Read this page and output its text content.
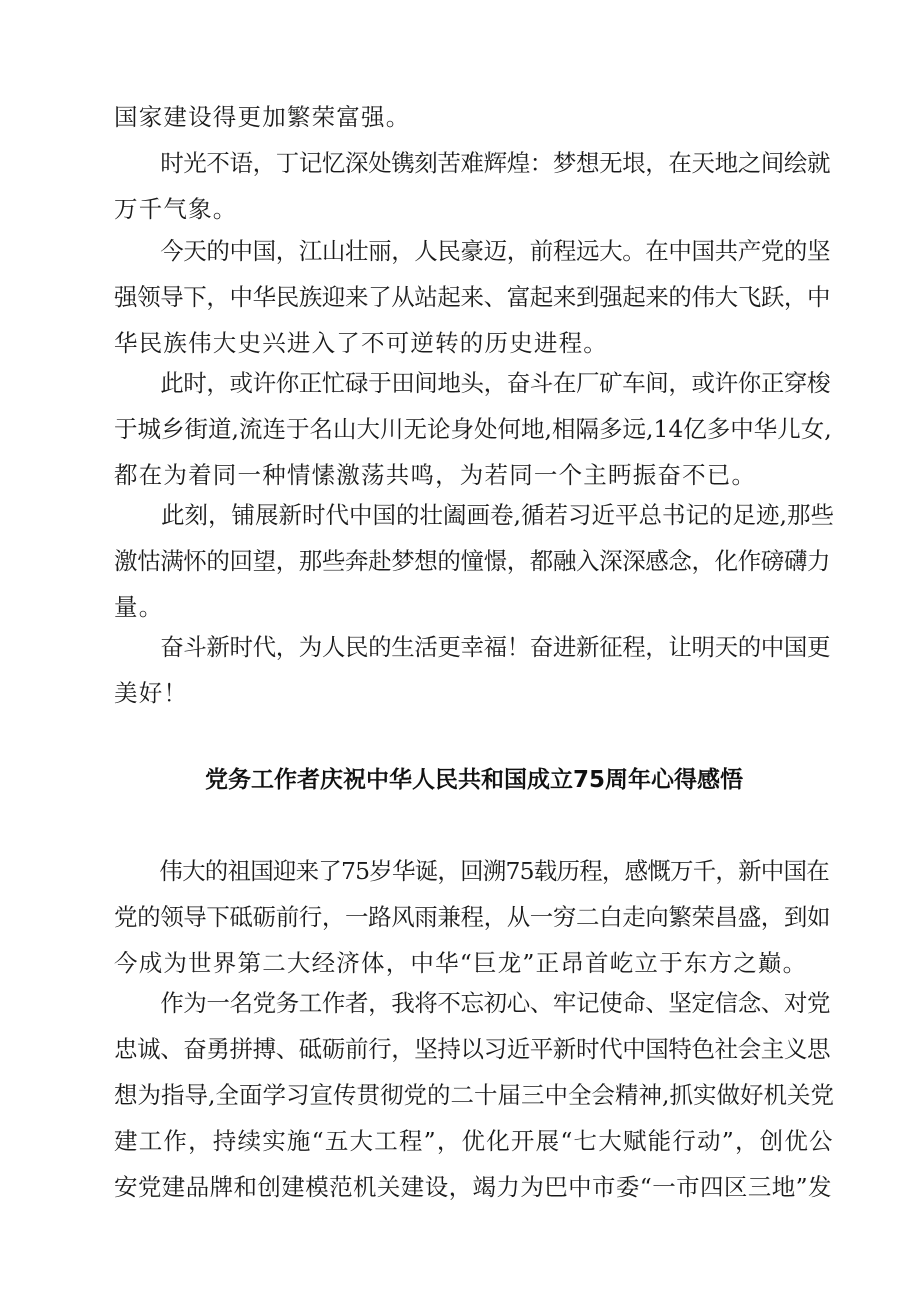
国家建设得更加繁荣富强。

　　时光不语，丁记忆深处镌刻苦难辉煌：梦想无垠，在天地之间绘就
万千气象。

　　今天的中国，江山壮丽，人民豪迈，前程远大。在中国共产党的坚
强领导下，中华民族迎来了从站起来、富起来到强起来的伟大飞跃，中
华民族伟大史兴进入了不可逆转的历史进程。

　　此时，或许你正忙碌于田间地头，奋斗在厂矿车间，或许你正穿梭
于城乡街道,流连于名山大川无论身处何地,相隔多远,14亿多中华儿女,
都在为着同一种情愫激荡共鸣，为若同一个主眄振奋不已。

　　此刻，铺展新时代中国的壮阖画卷,循若习近平总书记的足迹,那些
激怙满怀的回望，那些奔赴梦想的憧憬，都融入深深感念，化作磅礴力
量。

　　奋斗新时代，为人民的生活更幸福！奋进新征程，让明天的中国更
美好！

党务工作者庆祝中华人民共和国成立75周年心得感悟

　　伟大的祖国迎来了75岁华诞，回溯75载历程，感慨万千，新中国在
党的领导下砥砺前行，一路风雨兼程，从一穷二白走向繁荣昌盛，到如
今成为世界第二大经济体，中华“巨龙”正昂首屹立于东方之巅。

　　作为一名党务工作者，我将不忘初心、牢记使命、坚定信念、对党
忠诚、奋勇拼搏、砥砺前行，坚持以习近平新时代中国特色社会主义思
想为指导,全面学习宣传贯彻党的二十届三中全会精神,抓实做好机关党
建工作，持续实施“五大工程”，优化开展“七大赋能行动”，创优公
安党建品牌和创建模范机关建设，竭力为巴中市委“一市四区三地”发
